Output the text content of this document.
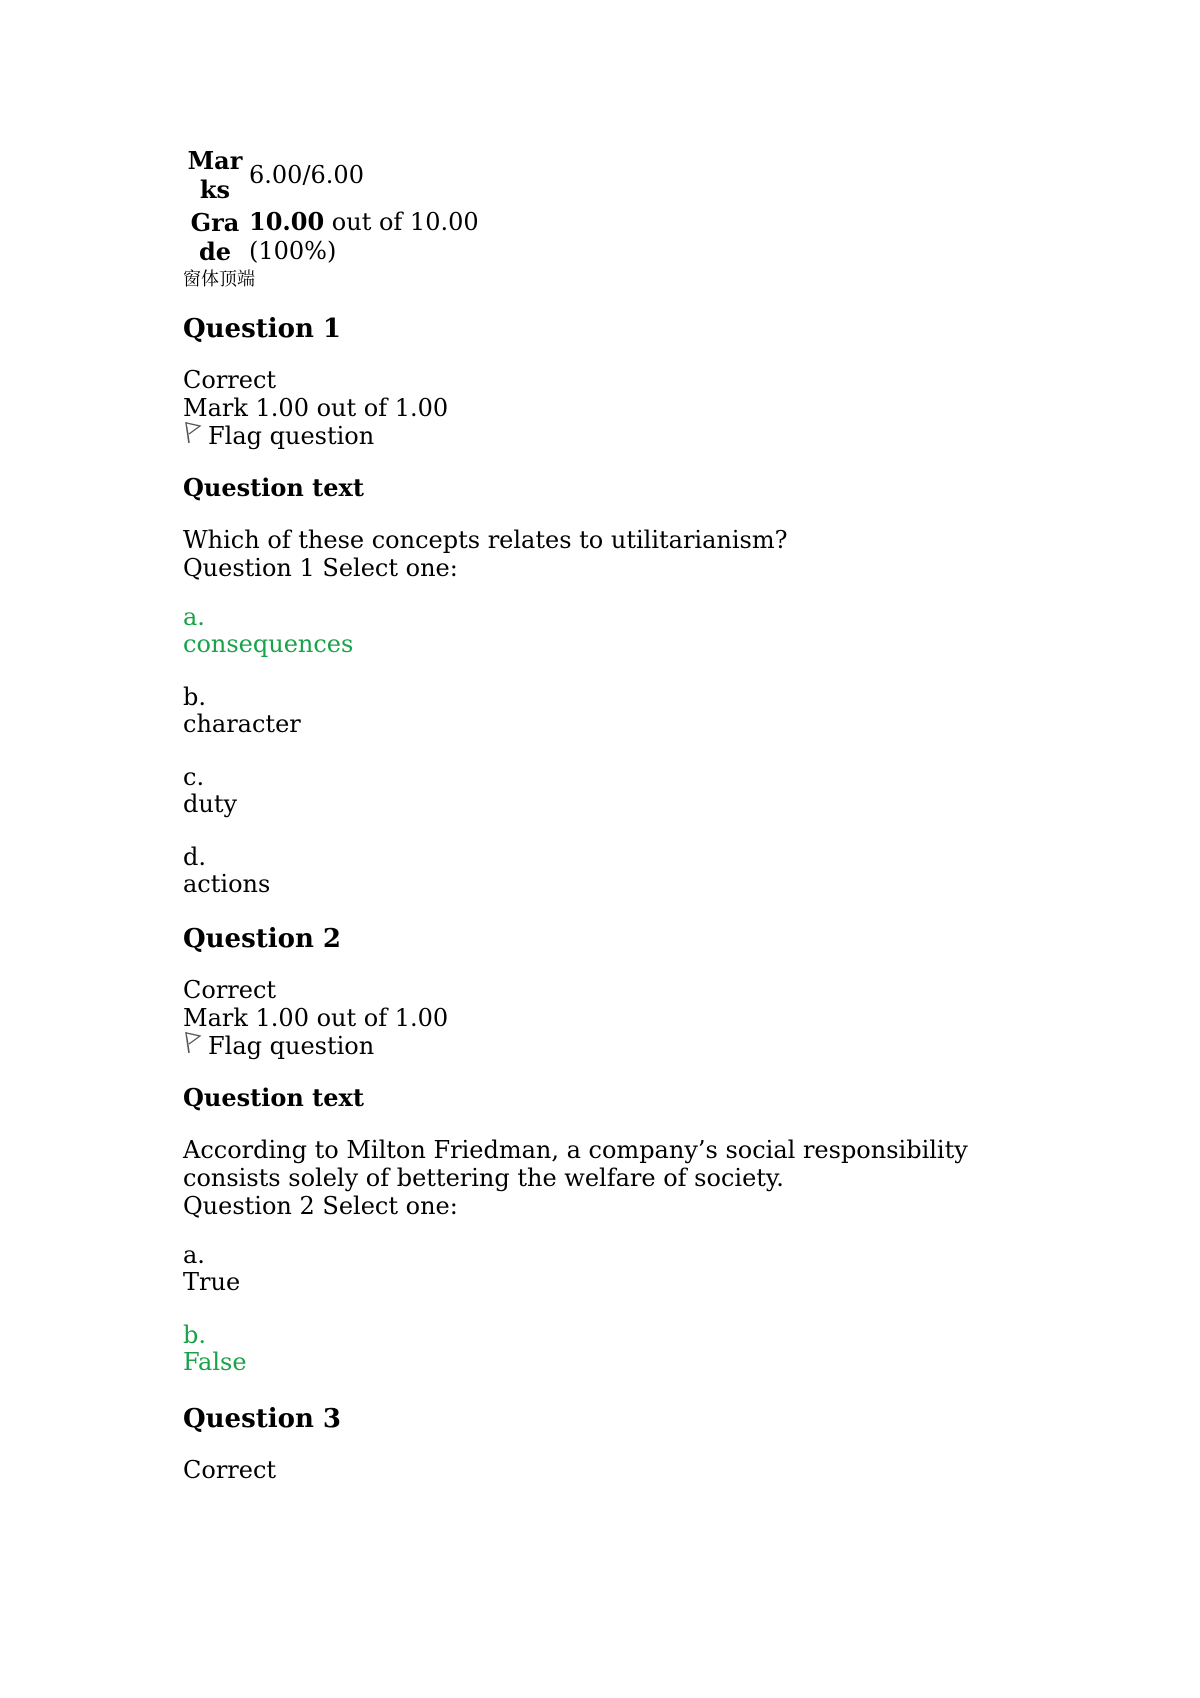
Marks	6.00/6.00

Grade	10.00 out of 10.00
(100%)
窗体顶端
Question 1

Correct

Mark 1.00 out of 1.00

Flag question
Question text

Which of these concepts relates to utilitarianism?

Question 1 Select one:

a.
consequences
b.
character
c.
duty
d.
actions
Question 2

Correct

Mark 1.00 out of 1.00

Flag question
Question text

According to Milton Friedman, a company’s social responsibility

consists solely of bettering the welfare of society.

Question 2 Select one:

a.
True
b.
False
Question 3

Correct
